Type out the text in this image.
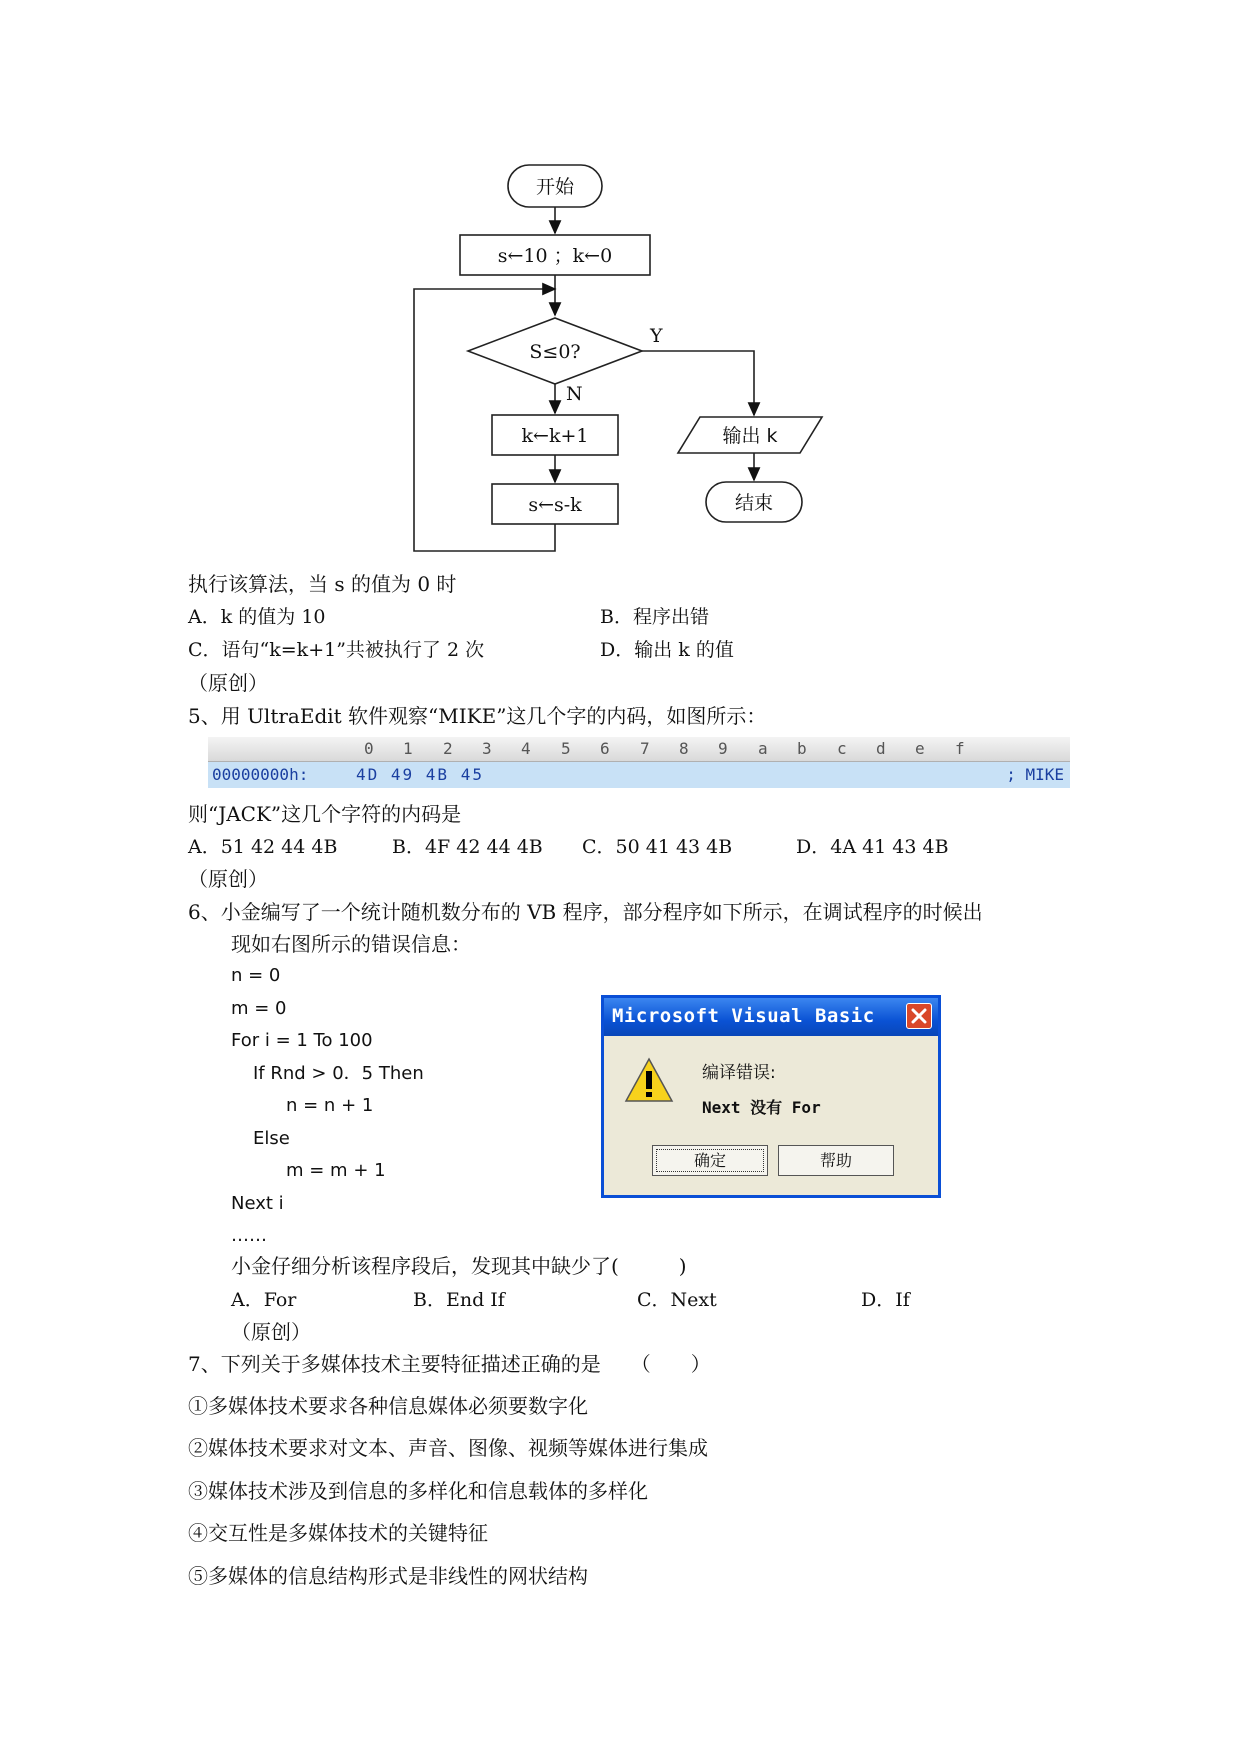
开始
s←10 ；k←0
S≤0?
Y
N
k←k+1
s←s-k
输出 k
结束
执行该算法，当 s 的值为 0 时
A．k 的值为 10	B．程序出错
C．语句“k=k+1”共被执行了 2 次	D．输出 k 的值
（原创）
5、用 UltraEdit 软件观察“MIKE”这几个字的内码，如图所示：
0 1 2 3 4 5 6 7 8 9 a b c d e f
00000000h:	4D 49 4B 45	; MIKE
则“JACK”这几个字符的内码是
A．51 42 44 4B	B．4F 42 44 4B C．50 41 43 4B	D．4A 41 43 4B
（原创）
6、小金编写了一个统计随机数分布的 VB 程序，部分程序如下所示，在调试程序的时候出
现如右图所示的错误信息：
n = 0
m = 0
For i = 1 To 100
If Rnd > 0．5 Then
n = n + 1
Else
m = m + 1
Next i
……
Microsoft Visual Basic
编译错误:
Next 没有 For
确定	帮助
小金仔细分析该程序段后，发现其中缺少了(　　　)
A．For	B．End If	C．Next	D．If
（原创）
7、下列关于多媒体技术主要特征描述正确的是　　（　　）
①多媒体技术要求各种信息媒体必须要数字化
②媒体技术要求对文本、声音、图像、视频等媒体进行集成
③媒体技术涉及到信息的多样化和信息载体的多样化
④交互性是多媒体技术的关键特征
⑤多媒体的信息结构形式是非线性的网状结构
